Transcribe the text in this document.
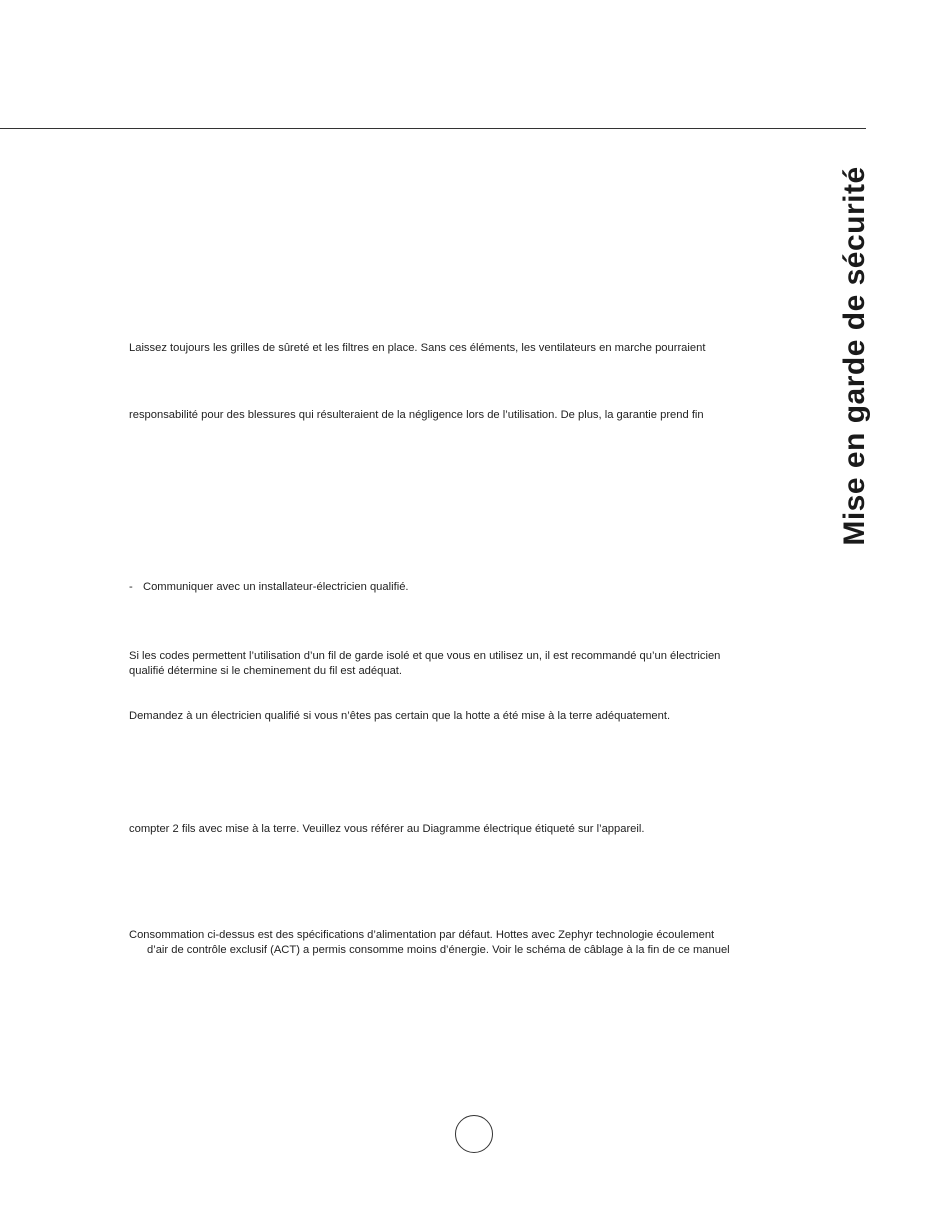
Mise en garde de sécurité
Laissez toujours les grilles de sûreté et les filtres en place. Sans ces éléments, les ventilateurs en marche pourraient
responsabilité pour des blessures qui résulteraient de la négligence lors de l’utilisation. De plus, la garantie prend fin
- Communiquer avec un installateur-électricien qualifié.
Si les codes permettent l’utilisation d’un fil de garde isolé et que vous en utilisez un, il est recommandé qu’un électricien
qualifié détermine si le cheminement du fil est adéquat.
Demandez à un électricien qualifié si vous n’êtes pas certain que la hotte a été mise à la terre adéquatement.
compter 2 fils avec mise à la terre. Veuillez vous référer au Diagramme électrique étiqueté sur l’appareil.
Consommation ci-dessus est des spécifications d’alimentation par défaut. Hottes avec Zephyr technologie écoulement
d’air de contrôle exclusif (ACT) a permis consomme moins d’énergie. Voir le schéma de câblage à la fin de ce manuel
